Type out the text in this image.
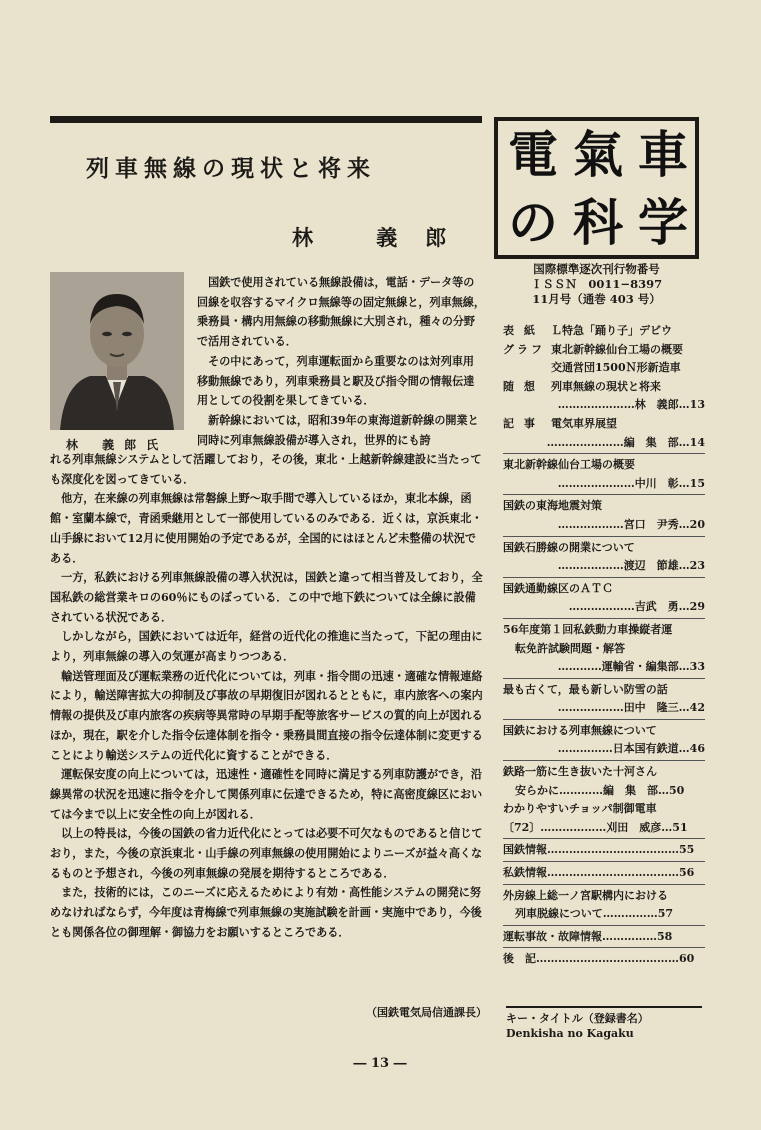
列車無線の現状と将来
林 義郎
林 義郎氏

国鉄で使用されている無線設備は，電話・データ等の回線を収容するマイクロ無線等の固定無線と，列車無線，乗務員・構内用無線の移動無線に大別され，種々の分野で活用されている．

その中にあって，列車運転面から重要なのは対列車用移動無線であり，列車乗務員と駅及び指令間の情報伝達用としての役割を果してきている．

新幹線においては，昭和39年の東海道新幹線の開業と同時に列車無線設備が導入され，世界的にも誇

れる列車無線システムとして活躍しており，その後，東北・上越新幹線建設に当たっても深度化を図ってきている．

他方，在来線の列車無線は常磐線上野～取手間で導入しているほか，東北本線，函館・室蘭本線で，青函乗継用として一部使用しているのみである．近くは，京浜東北・山手線において12月に使用開始の予定であるが，全国的にはほとんど未整備の状況である．

一方，私鉄における列車無線設備の導入状況は，国鉄と違って相当普及しており，全国私鉄の総営業キロの60％にものぼっている．この中で地下鉄については全線に設備されている状況である．

しかしながら，国鉄においては近年，経営の近代化の推進に当たって，下記の理由により，列車無線の導入の気運が高まりつつある．

輸送管理面及び運転業務の近代化については，列車・指令間の迅速・適確な情報連絡により，輸送障害拡大の抑制及び事故の早期復旧が図れるとともに，車内旅客への案内情報の提供及び車内旅客の疾病等異常時の早期手配等旅客サービスの質的向上が図れるほか，現在，駅を介した指令伝達体制を指令・乗務員間直接の指令伝達体制に変更することにより輸送システムの近代化に資することができる．

運転保安度の向上については，迅速性・適確性を同時に満足する列車防護ができ，沿線異常の状況を迅速に指令を介して関係列車に伝達できるため，特に高密度線区においては今まで以上に安全性の向上が図れる．

以上の特長は，今後の国鉄の省力近代化にとっては必要不可欠なものであると信じており，また，今後の京浜東北・山手線の列車無線の使用開始によりニーズが益々高くなるものと予想され，今後の列車無線の発展を期待するところである．

また，技術的には，このニーズに応えるためにより有効・高性能システムの開発に努めなければならず，今年度は青梅線で列車無線の実施試験を計画・実施中であり，今後とも関係各位の御理解・御協力をお願いするところである．

（国鉄電気局信通課長）
電 氣 車
の 科 学
国際標準逐次刊行物番号
ＩＳＳＮ　0011−8397
11月号（通巻 403 号）
表 紙 Ｌ特急「踊り子」デビウ
グラフ 東北新幹線仙台工場の概要
交通営団1500Ｎ形新造車
随 想 列車無線の現状と将来
…………………林　義郎…13
記 事 電気車界展望
…………………編　集　部…14
東北新幹線仙台工場の概要
…………………中川　彰…15
国鉄の東海地震対策
………………宮口　尹秀…20
国鉄石勝線の開業について
………………渡辺　節雄…23
国鉄通勤線区のＡＴＣ
………………吉武　勇…29
56年度第１回私鉄動力車操縦者運
転免許試験問題・解答
…………運輸省・編集部…33
最も古くて，最も新しい防雪の話
………………田中　隆三…42
国鉄における列車無線について
……………日本国有鉄道…46
鉄路一筋に生き抜いた十河さん
安らかに…………編　集　部…50
わかりやすいチョッパ制御電車
〔72〕………………刈田　威彦…51
国鉄情報………………………………55
私鉄情報………………………………56
外房線上総一ノ宮駅構内における
列車脱線について……………57
運転事故・故障情報……………58
後　記…………………………………60
キー・タイトル（登録書名）
Denkisha no Kagaku
― 13 ―
